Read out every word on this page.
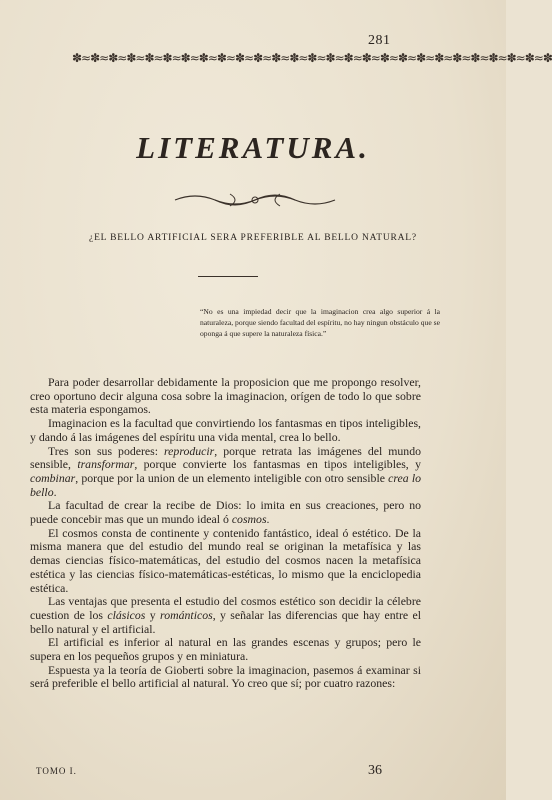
281
✽≈✽≈✽≈✽≈✽≈✽≈✽≈✽≈✽≈✽≈✽≈✽≈✽≈✽≈✽≈✽≈✽≈✽≈✽≈✽≈✽≈✽≈✽≈✽≈✽≈✽≈✽
LITERATURA.
¿EL BELLO ARTIFICIAL SERA PREFERIBLE AL BELLO NATURAL?
“No es una impiedad decir que la imaginacion crea algo superior á la naturaleza, porque siendo facultad del espíritu, no hay ningun obstáculo que se oponga á que supere la naturaleza física.”

Para poder desarrollar debidamente la proposicion que me propongo resolver, creo oportuno decir alguna cosa sobre la imaginacion, orígen de todo lo que sobre esta materia espongamos.

Imaginacion es la facultad que convirtiendo los fantasmas en tipos inteligibles, y dando á las imágenes del espíritu una vida mental, crea lo bello.

Tres son sus poderes: reproducir, porque retrata las imágenes del mundo sensible, transformar, porque convierte los fantasmas en tipos inteligibles, y combinar, porque por la union de un elemento inteligible con otro sensible crea lo bello.

La facultad de crear la recibe de Dios: lo imita en sus creaciones, pero no puede concebir mas que un mundo ideal ó cosmos.

El cosmos consta de continente y contenido fantástico, ideal ó estético. De la misma manera que del estudio del mundo real se originan la metafísica y las demas ciencias físico-matemáticas, del estudio del cosmos nacen la metafísica estética y las ciencias físico-matemáticas-estéticas, lo mismo que la enciclopedia estética.

Las ventajas que presenta el estudio del cosmos estético son decidir la célebre cuestion de los clásicos y románticos, y señalar las diferencias que hay entre el bello natural y el artificial.

El artificial es inferior al natural en las grandes escenas y grupos; pero le supera en los pequeños grupos y en miniatura.

Espuesta ya la teoría de Gioberti sobre la imaginacion, pasemos á examinar si será preferible el bello artificial al natural. Yo creo que sí; por cuatro razones:

TOMO I.	36
